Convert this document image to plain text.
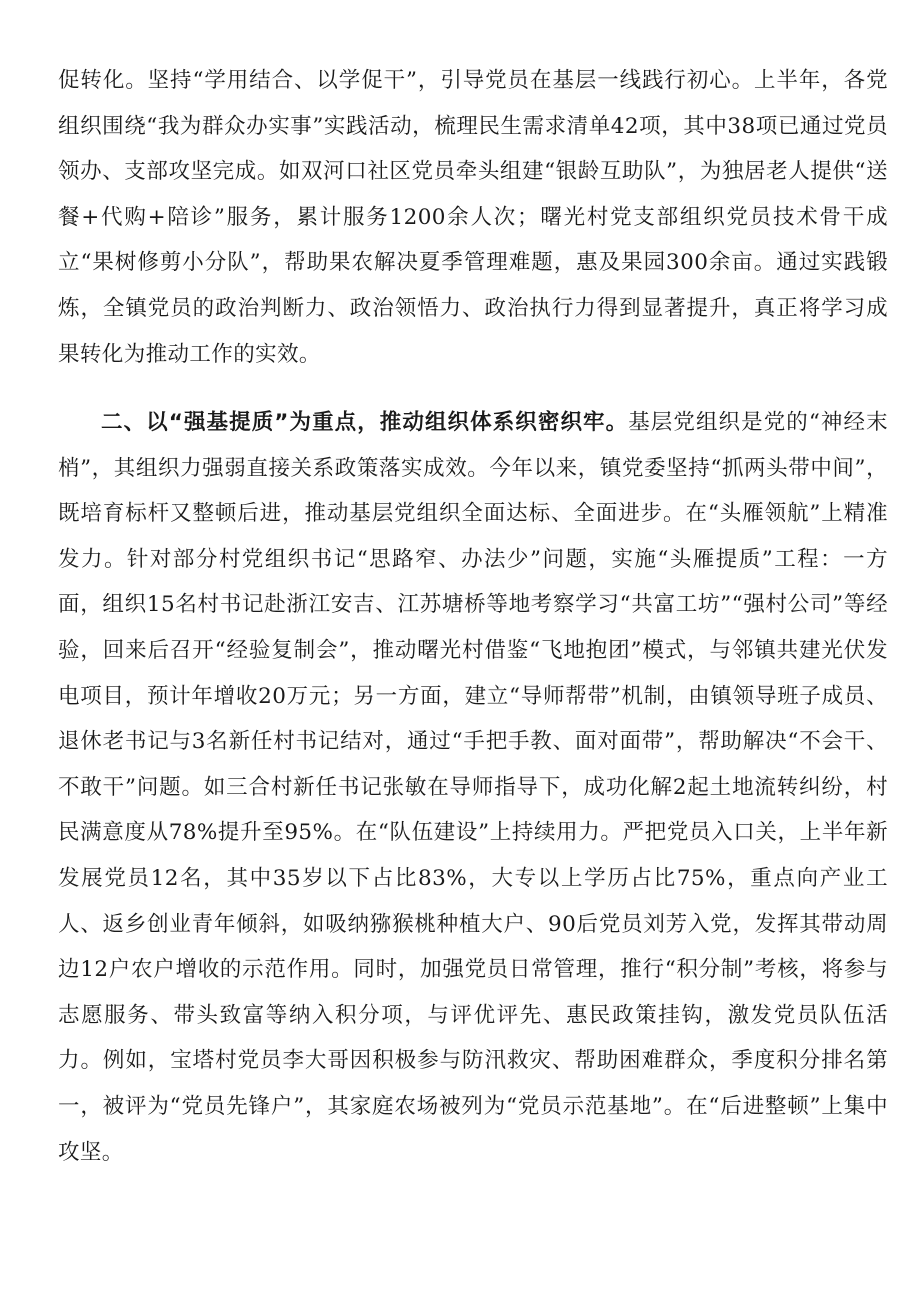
促转化。坚持“学用结合、以学促干”，引导党员在基层一线践行初心。上半年，各党组织围绕“我为群众办实事”实践活动，梳理民生需求清单42项，其中38项已通过党员领办、支部攻坚完成。如双河口社区党员牵头组建“银龄互助队”，为独居老人提供“送餐+代购+陪诊”服务，累计服务1200余人次；曙光村党支部组织党员技术骨干成立“果树修剪小分队”，帮助果农解决夏季管理难题，惠及果园300余亩。通过实践锻炼，全镇党员的政治判断力、政治领悟力、政治执行力得到显著提升，真正将学习成果转化为推动工作的实效。

二、以“强基提质”为重点，推动组织体系织密织牢。基层党组织是党的“神经末梢”，其组织力强弱直接关系政策落实成效。今年以来，镇党委坚持“抓两头带中间”，既培育标杆又整顿后进，推动基层党组织全面达标、全面进步。在“头雁领航”上精准发力。针对部分村党组织书记“思路窄、办法少”问题，实施“头雁提质”工程：一方面，组织15名村书记赴浙江安吉、江苏塘桥等地考察学习“共富工坊”“强村公司”等经验，回来后召开“经验复制会”，推动曙光村借鉴“飞地抱团”模式，与邻镇共建光伏发电项目，预计年增收20万元；另一方面，建立“导师帮带”机制，由镇领导班子成员、退休老书记与3名新任村书记结对，通过“手把手教、面对面带”，帮助解决“不会干、不敢干”问题。如三合村新任书记张敏在导师指导下，成功化解2起土地流转纠纷，村民满意度从78%提升至95%。在“队伍建设”上持续用力。严把党员入口关，上半年新发展党员12名，其中35岁以下占比83%，大专以上学历占比75%，重点向产业工人、返乡创业青年倾斜，如吸纳猕猴桃种植大户、90后党员刘芳入党，发挥其带动周边12户农户增收的示范作用。同时，加强党员日常管理，推行“积分制”考核，将参与志愿服务、带头致富等纳入积分项，与评优评先、惠民政策挂钩，激发党员队伍活力。例如，宝塔村党员李大哥因积极参与防汛救灾、帮助困难群众，季度积分排名第一，被评为“党员先锋户”，其家庭农场被列为“党员示范基地”。在“后进整顿”上集中攻坚。
